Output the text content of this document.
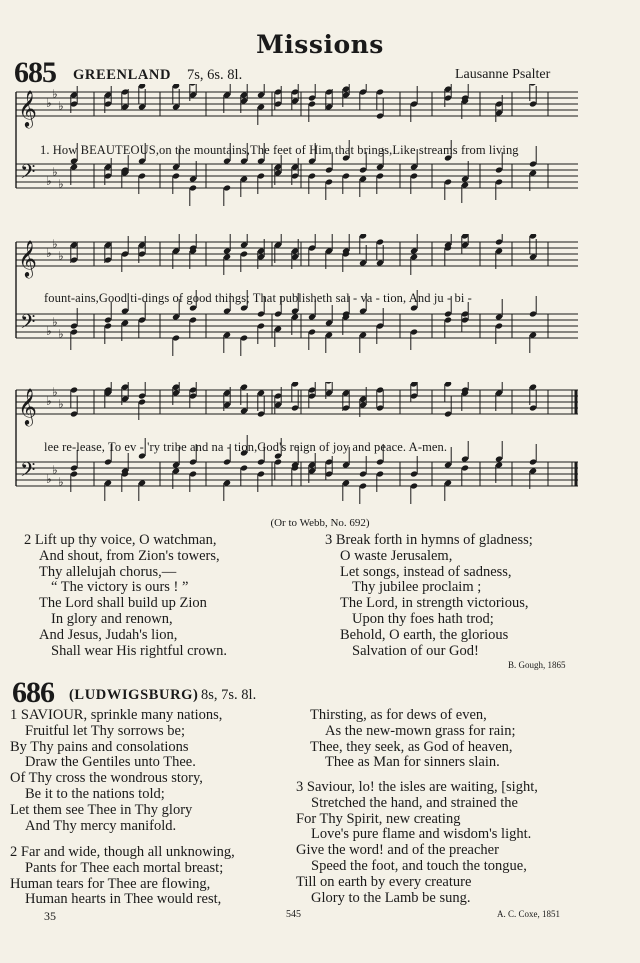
Missions
685 GREENLAND 7s, 6s. 8l.	Lausanne Psalter
𝄞
𝄢
♭
♭
♭
♭
♭
♭
1. How BEAUTEOUS,on the mountains,The feet of Him that brings,Like streams from living
𝄞
𝄢
♭
♭
♭
♭
♭
♭
fount-ains,Good ti-dings of good things; That publisheth sal - va - tion, And ju - bi -
𝄞
𝄢
♭
♭
♭
♭
♭
♭
lee re-lease, To ev - 'ry tribe and na - tion,God's reign of joy and peace. A-men.
(Or to Webb, No. 692)
2 Lift up thy voice, O watchman,
And shout, from Zion's towers,
Thy allelujah chorus,—
“ The victory is ours ! ”
The Lord shall build up Zion
In glory and renown,
And Jesus, Judah's lion,
Shall wear His rightful crown.
3 Break forth in hymns of gladness;
O waste Jerusalem,
Let songs, instead of sadness,
Thy jubilee proclaim ;
The Lord, in strength victorious,
Upon thy foes hath trod;
Behold, O earth, the glorious
Salvation of our God!
B. Gough, 1865
686 (LUDWIGSBURG) 8s, 7s. 8l.
1 SAVIOUR, sprinkle many nations,
Fruitful let Thy sorrows be;
By Thy pains and consolations
Draw the Gentiles unto Thee.
Of Thy cross the wondrous story,
Be it to the nations told;
Let them see Thee in Thy glory
And Thy mercy manifold.
2 Far and wide, though all unknowing,
Pants for Thee each mortal breast;
Human tears for Thee are flowing,
Human hearts in Thee would rest,
Thirsting, as for dews of even,
As the new-mown grass for rain;
Thee, they seek, as God of heaven,
Thee as Man for sinners slain.
3 Saviour, lo! the isles are waiting, [sight,
Stretched the hand, and strained the
For Thy Spirit, new creating
Love's pure flame and wisdom's light.
Give the word! and of the preacher
Speed the foot, and touch the tongue,
Till on earth by every creature
Glory to the Lamb be sung.
A. C. Coxe, 1851
35	545
